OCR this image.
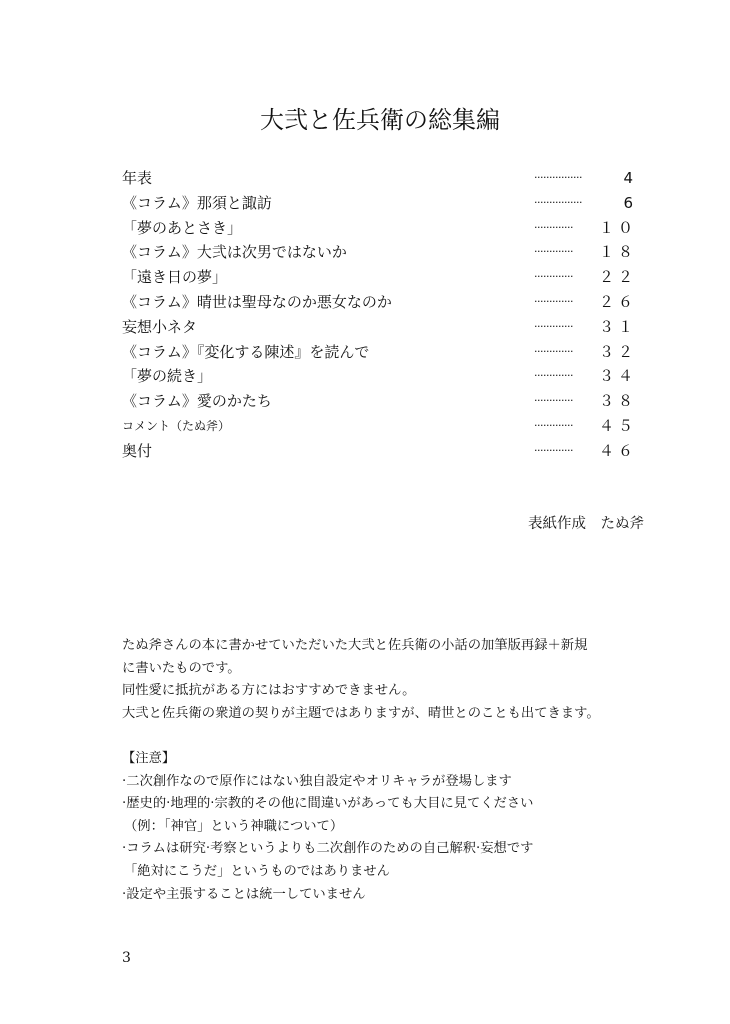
大弐と佐兵衛の総集編
年表	················	4
《コラム》那須と諏訪	················	6
「夢のあとさき」	············· １０
《コラム》大弐は次男ではないか	············· １８
「遠き日の夢」	············· ２２
《コラム》晴世は聖母なのか悪女なのか	············· ２６
妄想小ネタ	············· ３１
《コラム》『変化する陳述』を読んで	············· ３２
「夢の続き」	············· ３４
《コラム》愛のかたち	············· ３８
コメント（たぬ斧）	············· ４５
奥付	············· ４６
表紙作成　たぬ斧
たぬ斧さんの本に書かせていただいた大弐と佐兵衛の小話の加筆版再録＋新規
に書いたものです。
同性愛に抵抗がある方にはおすすめできません。
大弐と佐兵衛の衆道の契りが主題ではありますが、晴世とのことも出てきます。
【注意】
·二次創作なので原作にはない独自設定やオリキャラが登場します
·歴史的·地理的·宗教的その他に間違いがあっても大目に見てください
（例：「神官」という神職について）
·コラムは研究·考察というよりも二次創作のための自己解釈·妄想です
「絶対にこうだ」というものではありません
·設定や主張することは統一していません
3
